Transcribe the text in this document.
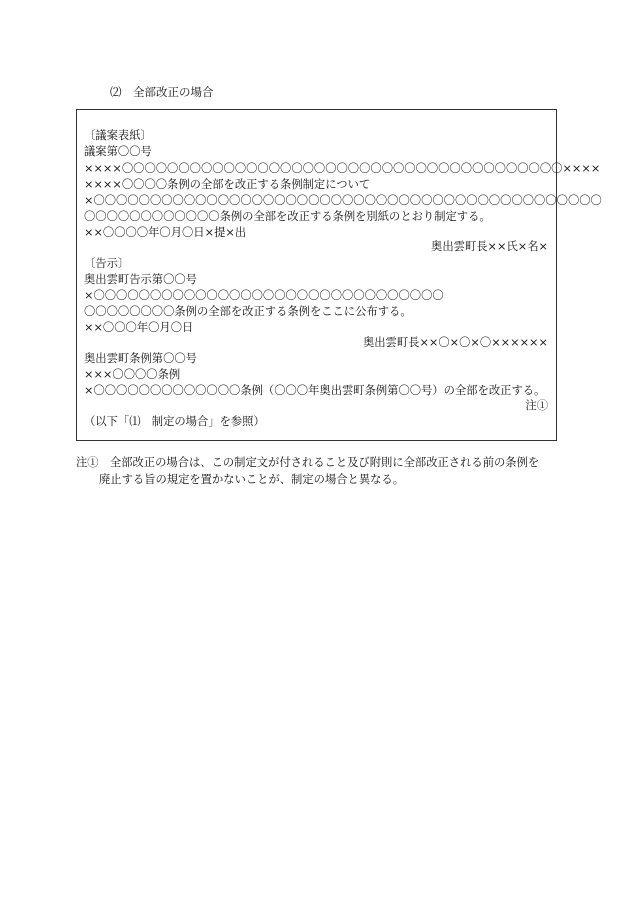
⑵　全部改正の場合
〔議案表紙〕
議案第〇〇号
××××〇〇〇〇〇〇〇〇〇〇〇〇〇〇〇〇〇〇〇〇〇〇〇〇〇〇〇〇〇〇〇〇〇〇〇〇〇〇〇××××
××××〇〇〇〇条例の全部を改正する条例制定について
×〇〇〇〇〇〇〇〇〇〇〇〇〇〇〇〇〇〇〇〇〇〇〇〇〇〇〇〇〇〇〇〇〇〇〇〇〇〇〇〇〇〇〇〇〇
〇〇〇〇〇〇〇〇〇〇〇〇条例の全部を改正する条例を別紙のとおり制定する。
××〇〇〇〇年〇月〇日×提×出
奥出雲町長××氏×名×
〔告示〕
奥出雲町告示第〇〇号
×〇〇〇〇〇〇〇〇〇〇〇〇〇〇〇〇〇〇〇〇〇〇〇〇〇〇〇〇〇〇〇
〇〇〇〇〇〇〇〇条例の全部を改正する条例をここに公布する。
××〇〇〇年〇月〇日
奥出雲町長××〇×〇×〇××××××
奥出雲町条例第〇〇号
×××〇〇〇〇条例
×〇〇〇〇〇〇〇〇〇〇〇〇〇条例（〇〇〇年奥出雲町条例第〇〇号）の全部を改正する。
注①
（以下「⑴　制定の場合」を参照）
注①　全部改正の場合は、この制定文が付されること及び附則に全部改正される前の条例を
廃止する旨の規定を置かないことが、制定の場合と異なる。
